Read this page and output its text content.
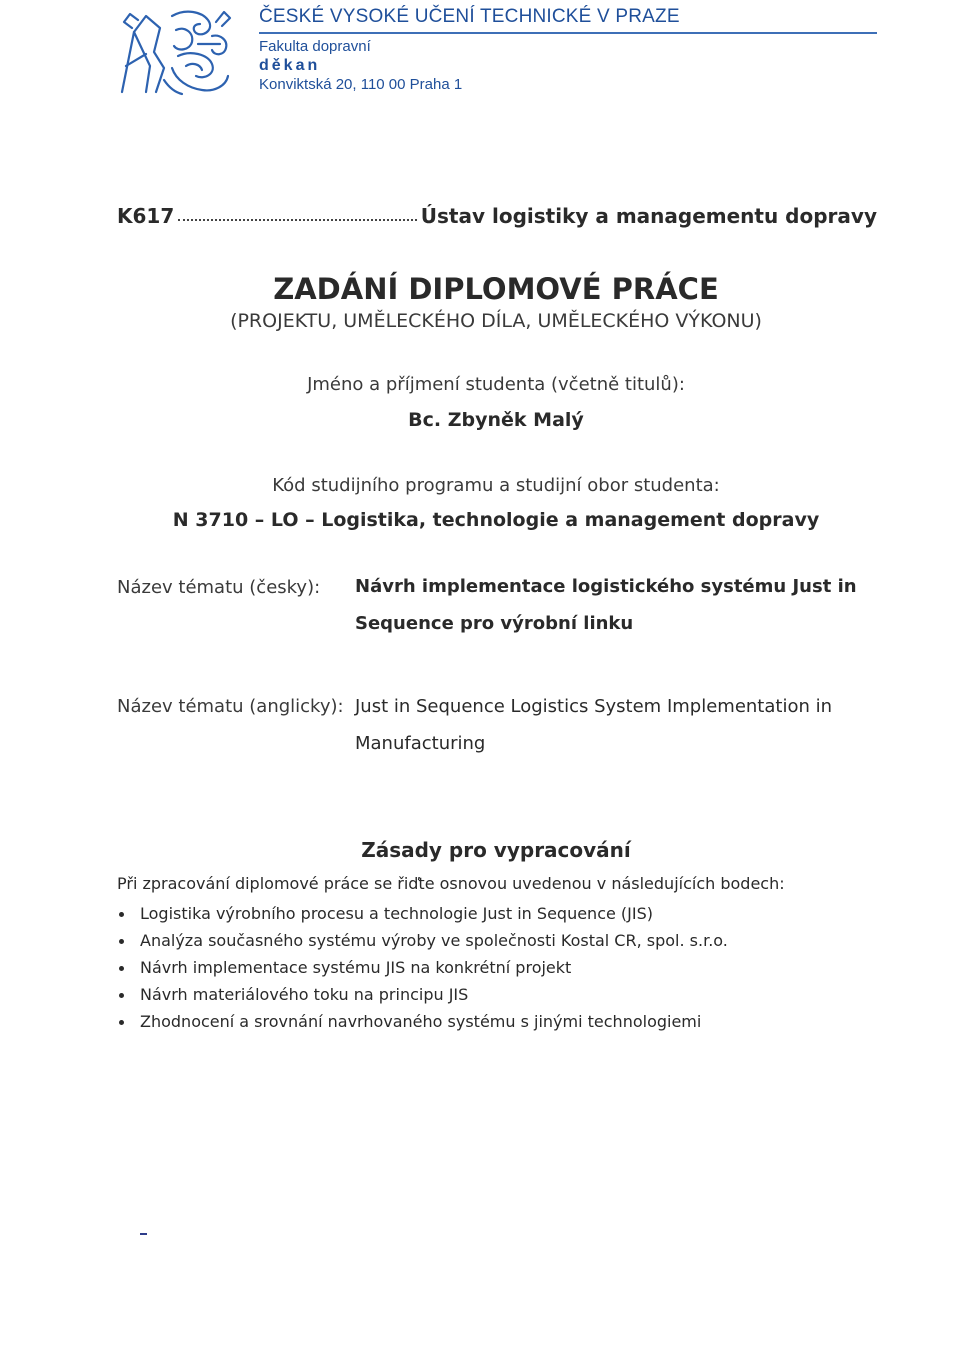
ČESKÉ VYSOKÉ UČENÍ TECHNICKÉ V PRAZE
Fakulta dopravní
děkan
Konviktská 20, 110 00 Praha 1
K617	Ústav logistiky a managementu dopravy
ZADÁNÍ DIPLOMOVÉ PRÁCE
(PROJEKTU, UMĚLECKÉHO DÍLA, UMĚLECKÉHO VÝKONU)
Jméno a příjmení studenta (včetně titulů):
Bc. Zbyněk Malý
Kód studijního programu a studijní obor studenta:
N 3710 – LO – Logistika, technologie a management dopravy
Název tématu (česky): Návrh implementace logistického systému Just in Sequence pro výrobní linku
Název tématu (anglicky): Just in Sequence Logistics System Implementation in Manufacturing
Zásady pro vypracování
Při zpracování diplomové práce se řiďte osnovou uvedenou v následujících bodech:
Logistika výrobního procesu a technologie Just in Sequence (JIS)
Analýza současného systému výroby ve společnosti Kostal CR, spol. s.r.o.
Návrh implementace systému JIS na konkrétní projekt
Návrh materiálového toku na principu JIS
Zhodnocení a srovnání navrhovaného systému s jinými technologiemi
